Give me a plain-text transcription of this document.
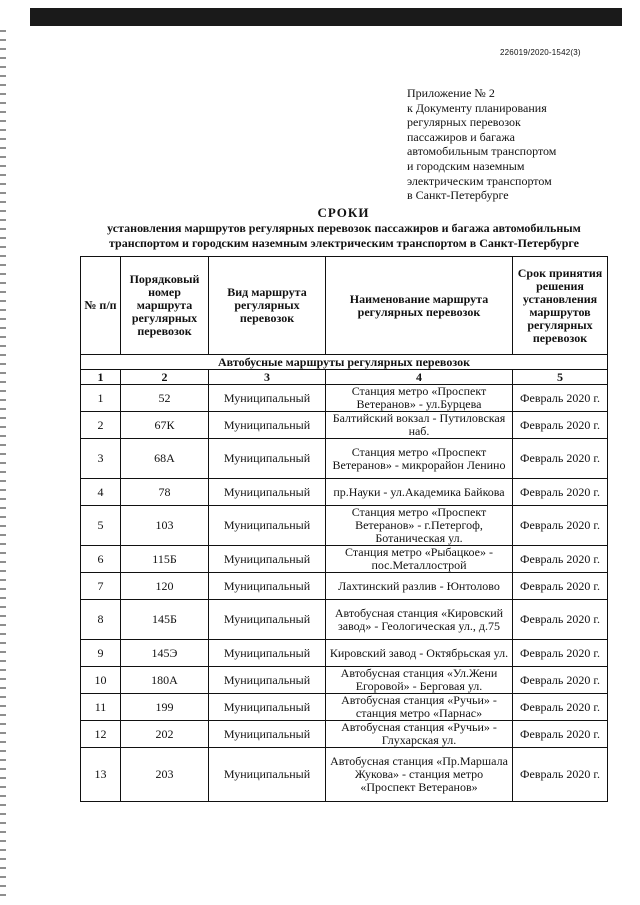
226019/2020-1542(3)
Приложение № 2
к Документу планирования
регулярных перевозок
пассажиров и багажа
автомобильным транспортом
и городским наземным
электрическим транспортом
в Санкт-Петербурге
СРОКИ
установления маршрутов регулярных перевозок пассажиров и багажа автомобильным транспортом и городским наземным электрическим транспортом в Санкт-Петербурге
№ п/п	Порядковый номер маршрута регулярных перевозок	Вид маршрута регулярных перевозок	Наименование маршрута регулярных перевозок	Срок принятия решения установления маршрутов регулярных перевозок
Автобусные маршруты регулярных перевозок				
1	2	3	4	5
1	52	Муниципальный	Станция метро «Проспект Ветеранов» - ул.Бурцева	Февраль 2020 г.
2	67К	Муниципальный	Балтийский вокзал - Путиловская наб.	Февраль 2020 г.
3	68А	Муниципальный	Станция метро «Проспект Ветеранов» - микрорайон Ленино	Февраль 2020 г.
4	78	Муниципальный	пр.Науки - ул.Академика Байкова	Февраль 2020 г.
5	103	Муниципальный	Станция метро «Проспект Ветеранов» - г.Петергоф, Ботаническая ул.	Февраль 2020 г.
6	115Б	Муниципальный	Станция метро «Рыбацкое» - пос.Металлострой	Февраль 2020 г.
7	120	Муниципальный	Лахтинский разлив - Юнтолово	Февраль 2020 г.
8	145Б	Муниципальный	Автобусная станция «Кировский завод» - Геологическая ул., д.75	Февраль 2020 г.
9	145Э	Муниципальный	Кировский завод - Октябрьская ул.	Февраль 2020 г.
10	180А	Муниципальный	Автобусная станция «Ул.Жени Егоровой» - Берговая ул.	Февраль 2020 г.
11	199	Муниципальный	Автобусная станция «Ручьи» - станция метро «Парнас»	Февраль 2020 г.
12	202	Муниципальный	Автобусная станция «Ручьи» - Глухарская ул.	Февраль 2020 г.
13	203	Муниципальный	Автобусная станция «Пр.Маршала Жукова» - станция метро «Проспект Ветеранов»	Февраль 2020 г.
